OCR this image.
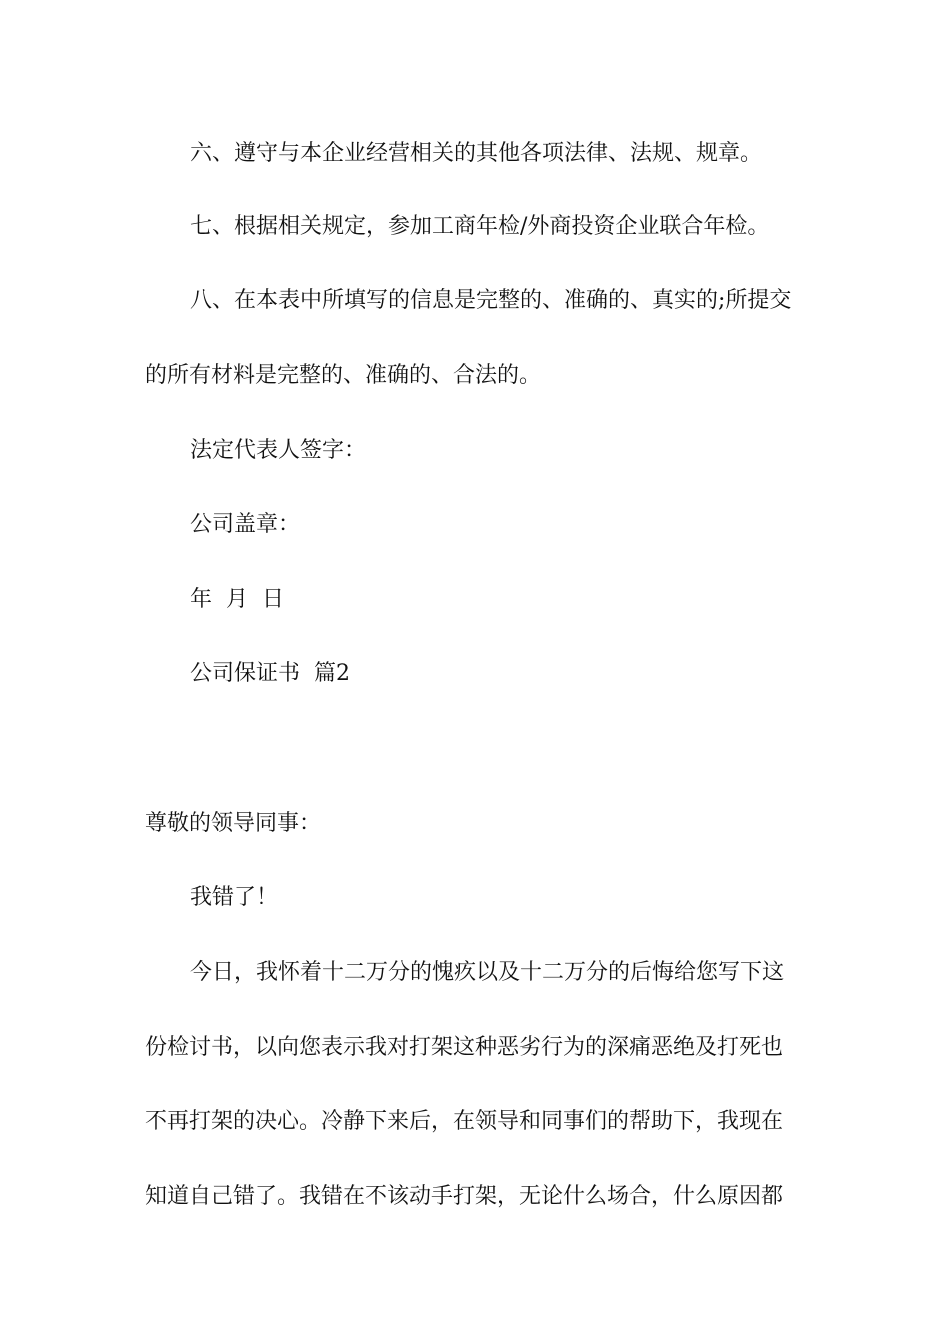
六、遵守与本企业经营相关的其他各项法律、法规、规章。
七、根据相关规定，参加工商年检/外商投资企业联合年检。
八、在本表中所填写的信息是完整的、准确的、真实的;所提交
的所有材料是完整的、准确的、合法的。
法定代表人签字：
公司盖章：
年 月 日
公司保证书 篇2
尊敬的领导同事：
我错了！
今日，我怀着十二万分的愧疚以及十二万分的后悔给您写下这
份检讨书，以向您表示我对打架这种恶劣行为的深痛恶绝及打死也
不再打架的决心。冷静下来后，在领导和同事们的帮助下，我现在
知道自己错了。我错在不该动手打架，无论什么场合，什么原因都
